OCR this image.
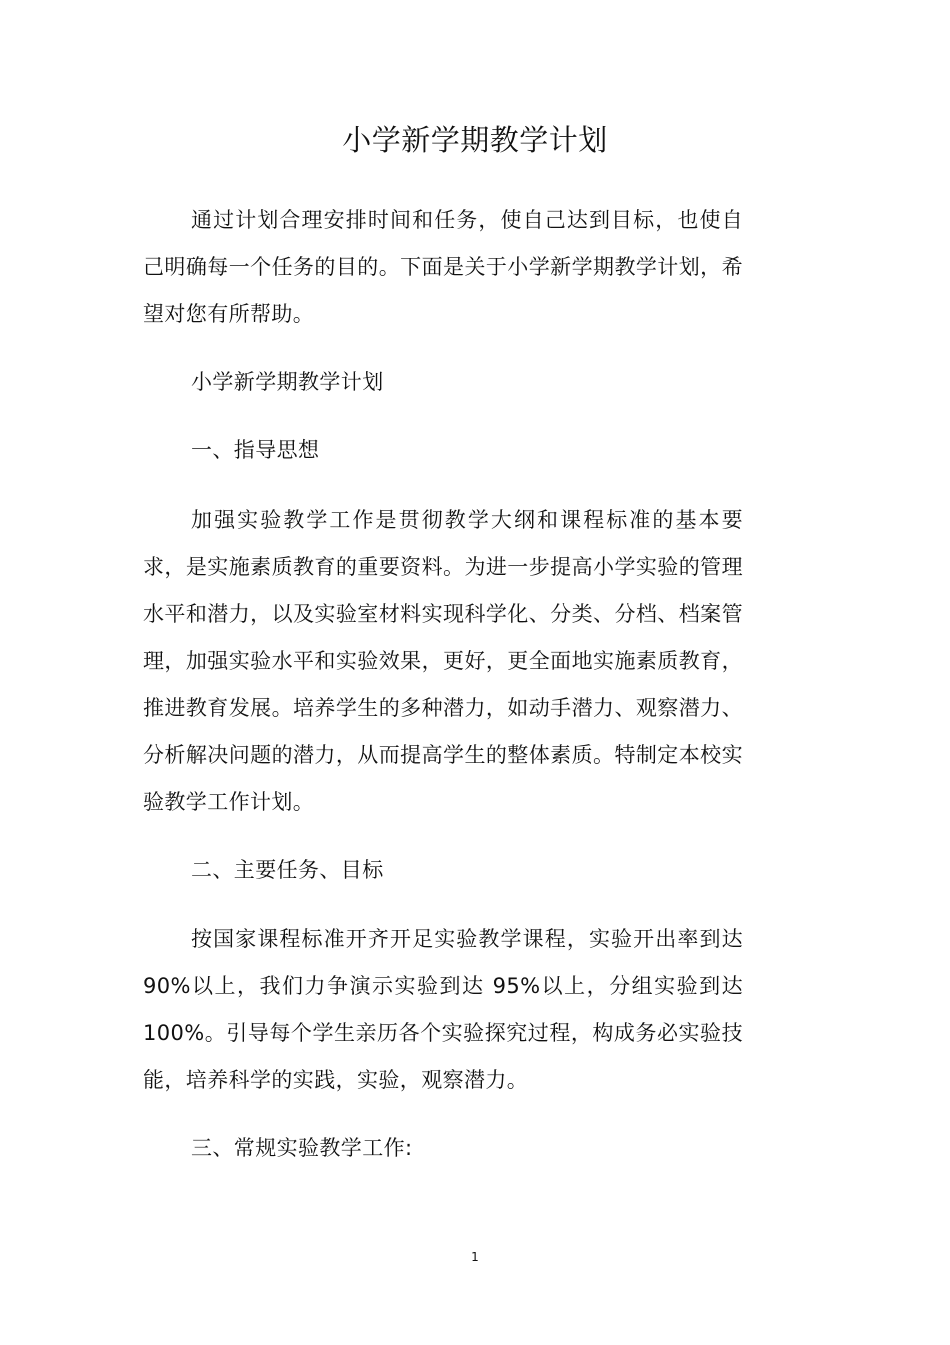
小学新学期教学计划

通过计划合理安排时间和任务，使自己达到目标，也使自己明确每一个任务的目的。下面是关于小学新学期教学计划，希望对您有所帮助。

小学新学期教学计划

一、指导思想

加强实验教学工作是贯彻教学大纲和课程标准的基本要求，是实施素质教育的重要资料。为进一步提高小学实验的管理水平和潜力，以及实验室材料实现科学化、分类、分档、档案管理，加强实验水平和实验效果，更好，更全面地实施素质教育，推进教育发展。培养学生的多种潜力，如动手潜力、观察潜力、分析解决问题的潜力，从而提高学生的整体素质。特制定本校实验教学工作计划。

二、主要任务、目标

按国家课程标准开齐开足实验教学课程，实验开出率到达90%以上，我们力争演示实验到达 95%以上，分组实验到达100%。引导每个学生亲历各个实验探究过程，构成务必实验技能，培养科学的实践，实验，观察潜力。

三、常规实验教学工作:

1
